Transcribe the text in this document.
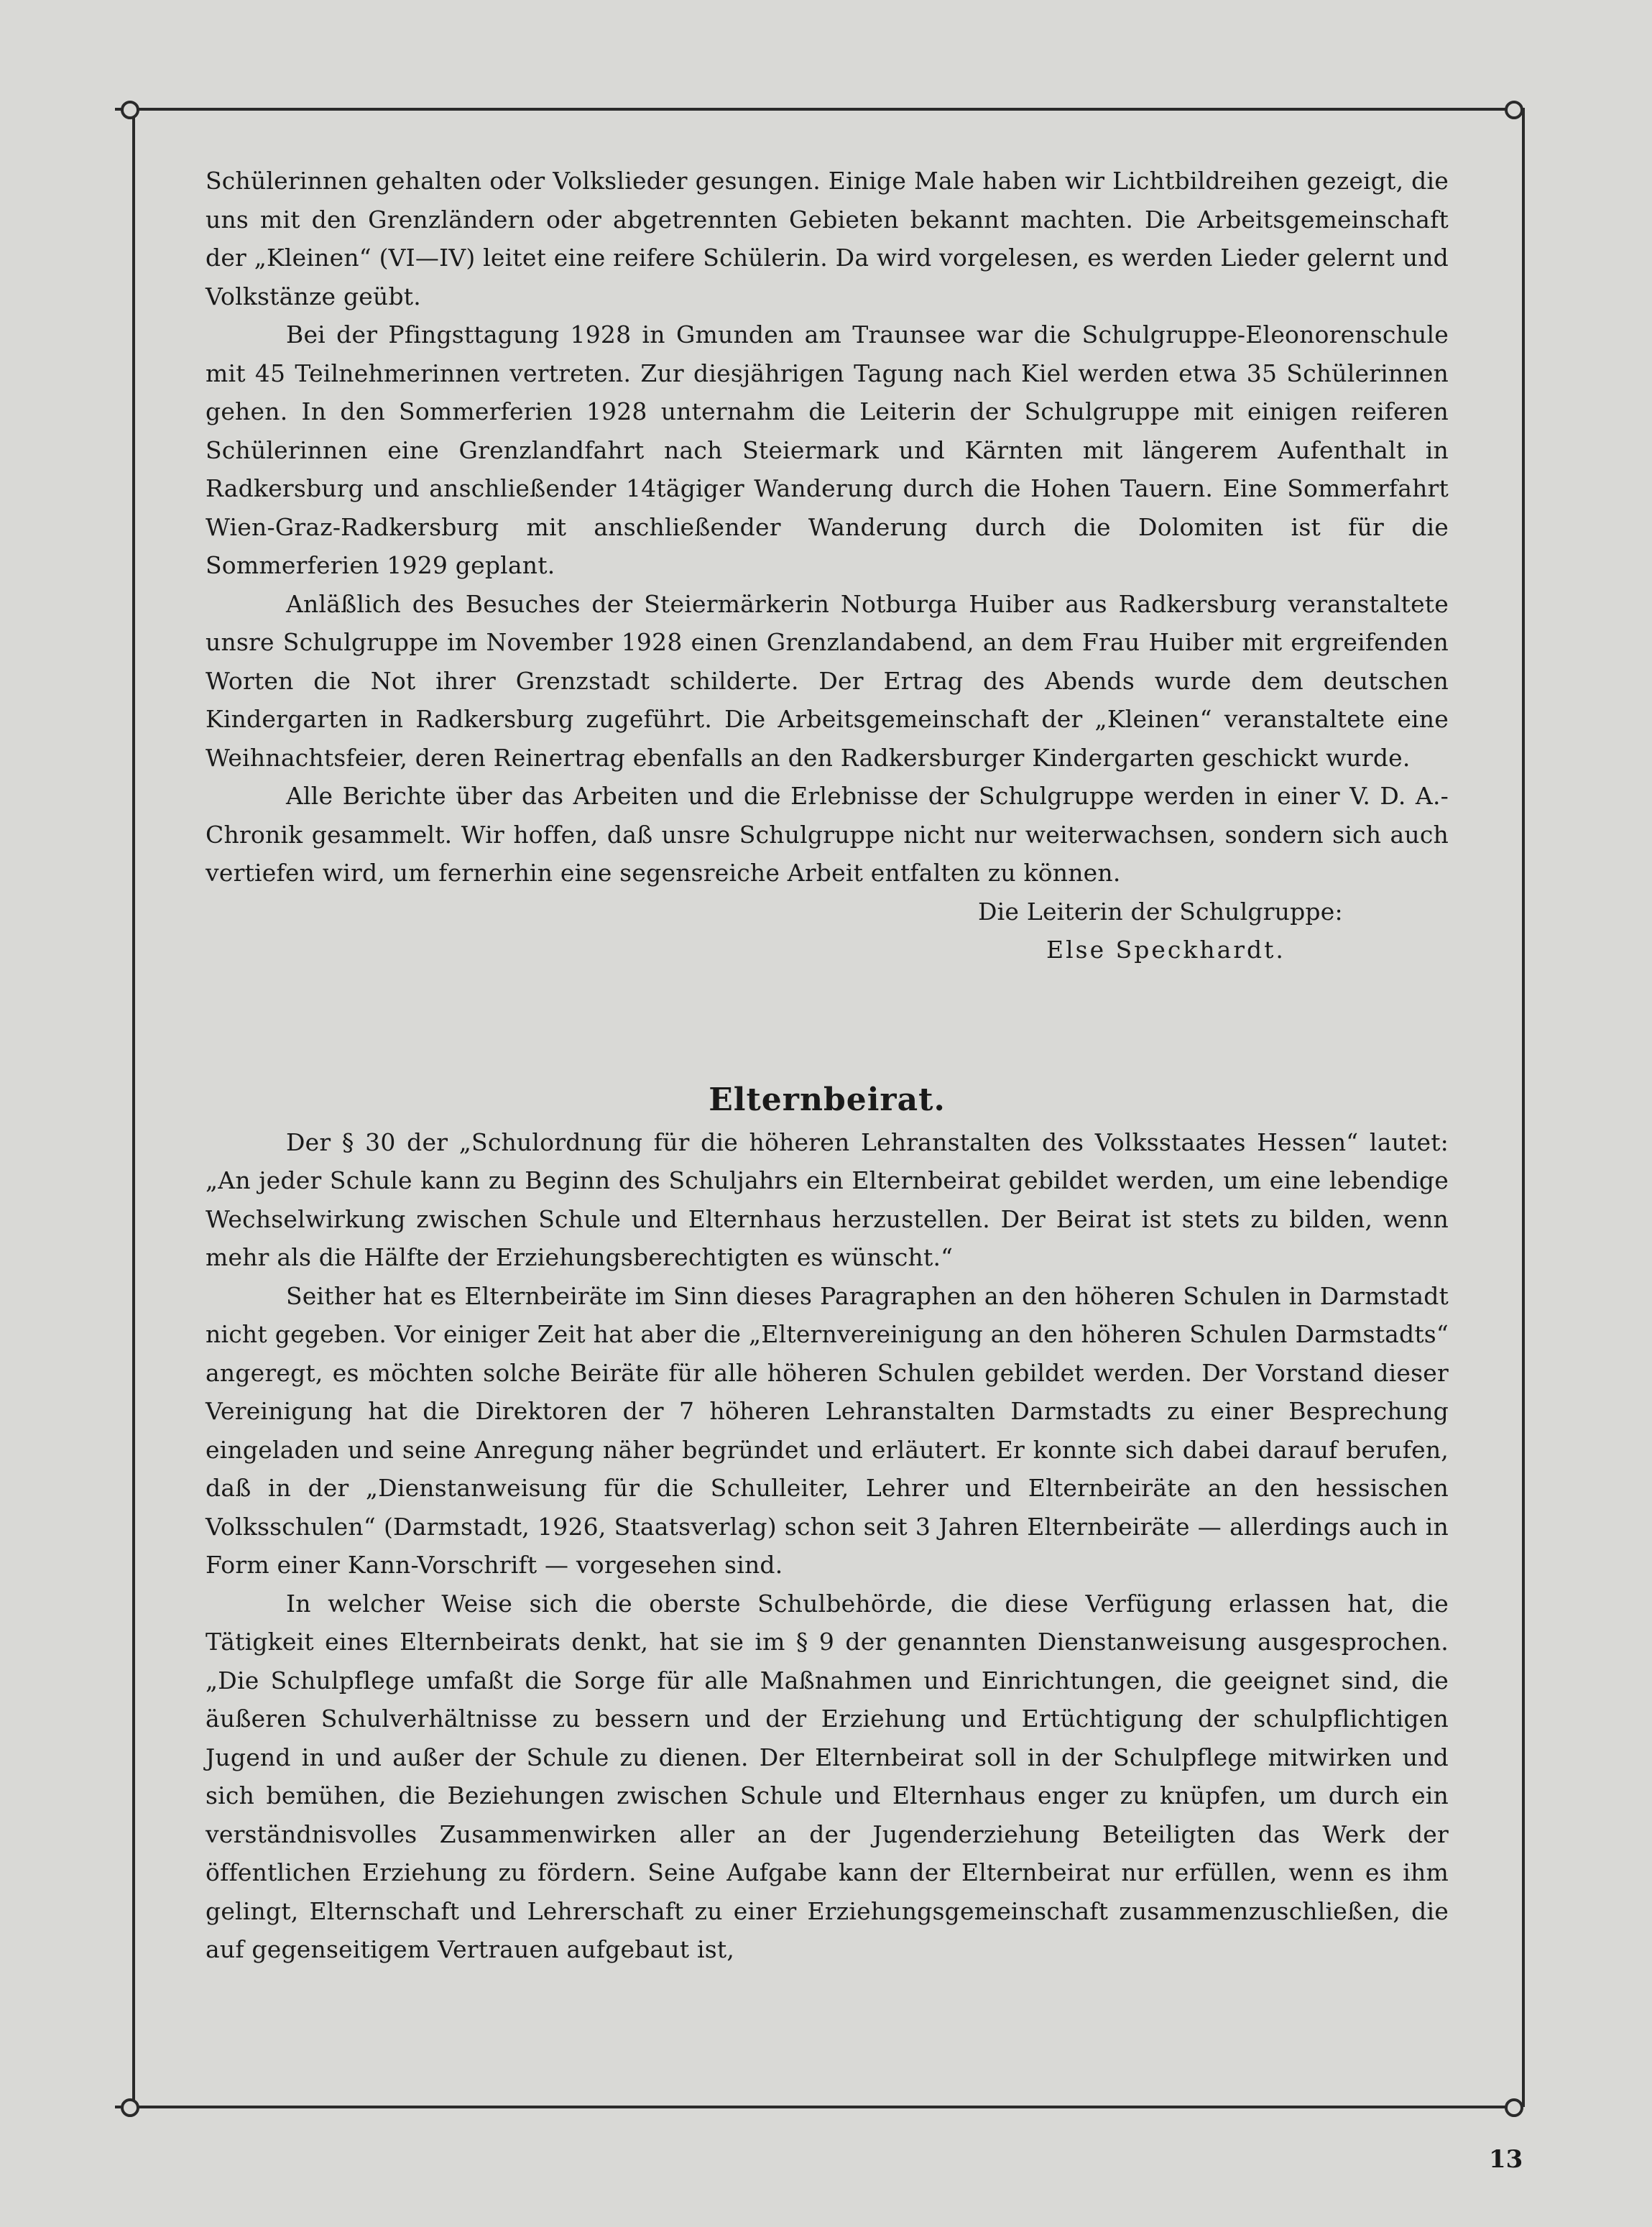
Schülerinnen gehalten oder Volkslieder gesungen. Einige Male haben wir Lichtbildreihen gezeigt, die uns mit den Grenzländern oder abgetrennten Gebieten bekannt machten. Die Arbeitsgemeinschaft der „Kleinen“ (VI—IV) leitet eine reifere Schülerin. Da wird vorgelesen, es werden Lieder gelernt und Volkstänze geübt.

Bei der Pfingsttagung 1928 in Gmunden am Traunsee war die Schulgruppe-Eleonorenschule mit 45 Teilnehmerinnen vertreten. Zur diesjährigen Tagung nach Kiel werden etwa 35 Schülerinnen gehen. In den Sommerferien 1928 unternahm die Leiterin der Schulgruppe mit einigen reiferen Schülerinnen eine Grenzlandfahrt nach Steiermark und Kärnten mit längerem Aufenthalt in Radkersburg und anschließender 14tägiger Wanderung durch die Hohen Tauern. Eine Sommerfahrt Wien-Graz-Radkersburg mit anschließender Wanderung durch die Dolomiten ist für die Sommerferien 1929 geplant.

Anläßlich des Besuches der Steiermärkerin Notburga Huiber aus Radkersburg veranstaltete unsre Schulgruppe im November 1928 einen Grenzlandabend, an dem Frau Huiber mit ergreifenden Worten die Not ihrer Grenzstadt schilderte. Der Ertrag des Abends wurde dem deutschen Kindergarten in Radkersburg zugeführt. Die Arbeitsgemeinschaft der „Kleinen“ veranstaltete eine Weihnachtsfeier, deren Reinertrag ebenfalls an den Radkersburger Kindergarten geschickt wurde.

Alle Berichte über das Arbeiten und die Erlebnisse der Schulgruppe werden in einer V. D. A.-Chronik gesammelt. Wir hoffen, daß unsre Schulgruppe nicht nur weiterwachsen, sondern sich auch vertiefen wird, um fernerhin eine segensreiche Arbeit entfalten zu können.

Die Leiterin der Schulgruppe:
Else Speckhardt.
Elternbeirat.

Der § 30 der „Schulordnung für die höheren Lehranstalten des Volksstaates Hessen“ lautet: „An jeder Schule kann zu Beginn des Schuljahrs ein Elternbeirat gebildet werden, um eine lebendige Wechselwirkung zwischen Schule und Elternhaus herzustellen. Der Beirat ist stets zu bilden, wenn mehr als die Hälfte der Erziehungsberechtigten es wünscht.“

Seither hat es Elternbeiräte im Sinn dieses Paragraphen an den höheren Schulen in Darmstadt nicht gegeben. Vor einiger Zeit hat aber die „Elternvereinigung an den höheren Schulen Darmstadts“ angeregt, es möchten solche Beiräte für alle höheren Schulen gebildet werden. Der Vorstand dieser Vereinigung hat die Direktoren der 7 höheren Lehranstalten Darmstadts zu einer Besprechung eingeladen und seine Anregung näher begründet und erläutert. Er konnte sich dabei darauf berufen, daß in der „Dienstanweisung für die Schulleiter, Lehrer und Elternbeiräte an den hessischen Volksschulen“ (Darmstadt, 1926, Staatsverlag) schon seit 3 Jahren Elternbeiräte — allerdings auch in Form einer Kann-Vorschrift — vorgesehen sind.

In welcher Weise sich die oberste Schulbehörde, die diese Verfügung erlassen hat, die Tätigkeit eines Elternbeirats denkt, hat sie im § 9 der genannten Dienstanweisung ausgesprochen. „Die Schulpflege umfaßt die Sorge für alle Maßnahmen und Einrichtungen, die geeignet sind, die äußeren Schulverhältnisse zu bessern und der Erziehung und Ertüchtigung der schulpflichtigen Jugend in und außer der Schule zu dienen. Der Elternbeirat soll in der Schulpflege mitwirken und sich bemühen, die Beziehungen zwischen Schule und Elternhaus enger zu knüpfen, um durch ein verständnisvolles Zusammenwirken aller an der Jugenderziehung Beteiligten das Werk der öffentlichen Erziehung zu fördern. Seine Aufgabe kann der Elternbeirat nur erfüllen, wenn es ihm gelingt, Elternschaft und Lehrerschaft zu einer Erziehungsgemeinschaft zusammenzuschließen, die auf gegenseitigem Vertrauen aufgebaut ist,

13
